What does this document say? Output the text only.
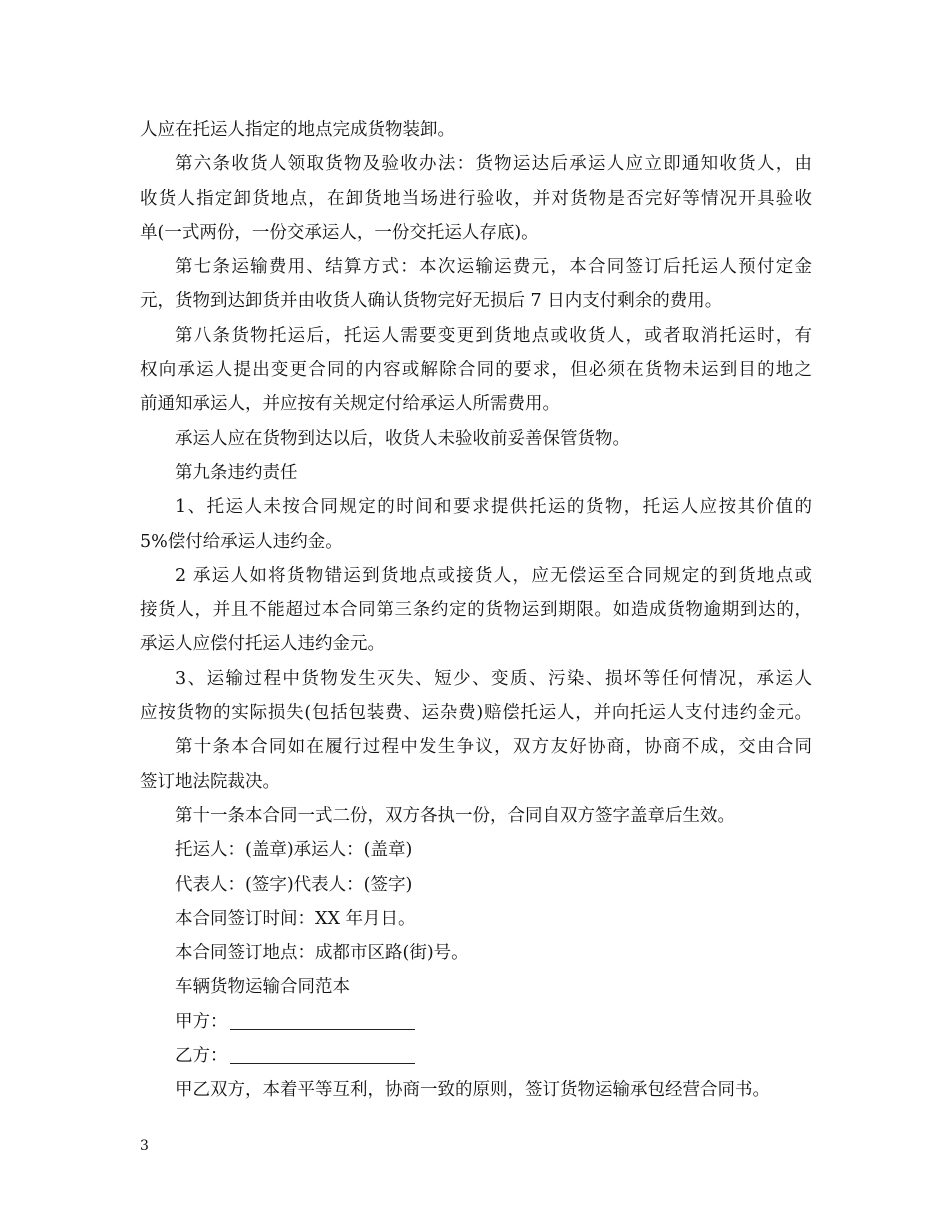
人应在托运人指定的地点完成货物装卸。
第六条收货人领取货物及验收办法：货物运达后承运人应立即通知收货人，由
收货人指定卸货地点，在卸货地当场进行验收，并对货物是否完好等情况开具验收
单(一式两份，一份交承运人，一份交托运人存底)。
第七条运输费用、结算方式：本次运输运费元，本合同签订后托运人预付定金
元，货物到达卸货并由收货人确认货物完好无损后 7 日内支付剩余的费用。
第八条货物托运后，托运人需要变更到货地点或收货人，或者取消托运时，有
权向承运人提出变更合同的内容或解除合同的要求，但必须在货物未运到目的地之
前通知承运人，并应按有关规定付给承运人所需费用。
承运人应在货物到达以后，收货人未验收前妥善保管货物。
第九条违约责任
1、托运人未按合同规定的时间和要求提供托运的货物，托运人应按其价值的
5%偿付给承运人违约金。
2 承运人如将货物错运到货地点或接货人，应无偿运至合同规定的到货地点或
接货人，并且不能超过本合同第三条约定的货物运到期限。如造成货物逾期到达的，
承运人应偿付托运人违约金元。
3、运输过程中货物发生灭失、短少、变质、污染、损坏等任何情况，承运人
应按货物的实际损失(包括包装费、运杂费)赔偿托运人，并向托运人支付违约金元。
第十条本合同如在履行过程中发生争议，双方友好协商，协商不成，交由合同
签订地法院裁决。
第十一条本合同一式二份，双方各执一份，合同自双方签字盖章后生效。
托运人：(盖章)承运人：(盖章)
代表人：(签字)代表人：(签字)
本合同签订时间：XX 年月日。
本合同签订地点：成都市区路(街)号。
车辆货物运输合同范本
甲方：
乙方：
甲乙双方，本着平等互利，协商一致的原则，签订货物运输承包经营合同书。
3
